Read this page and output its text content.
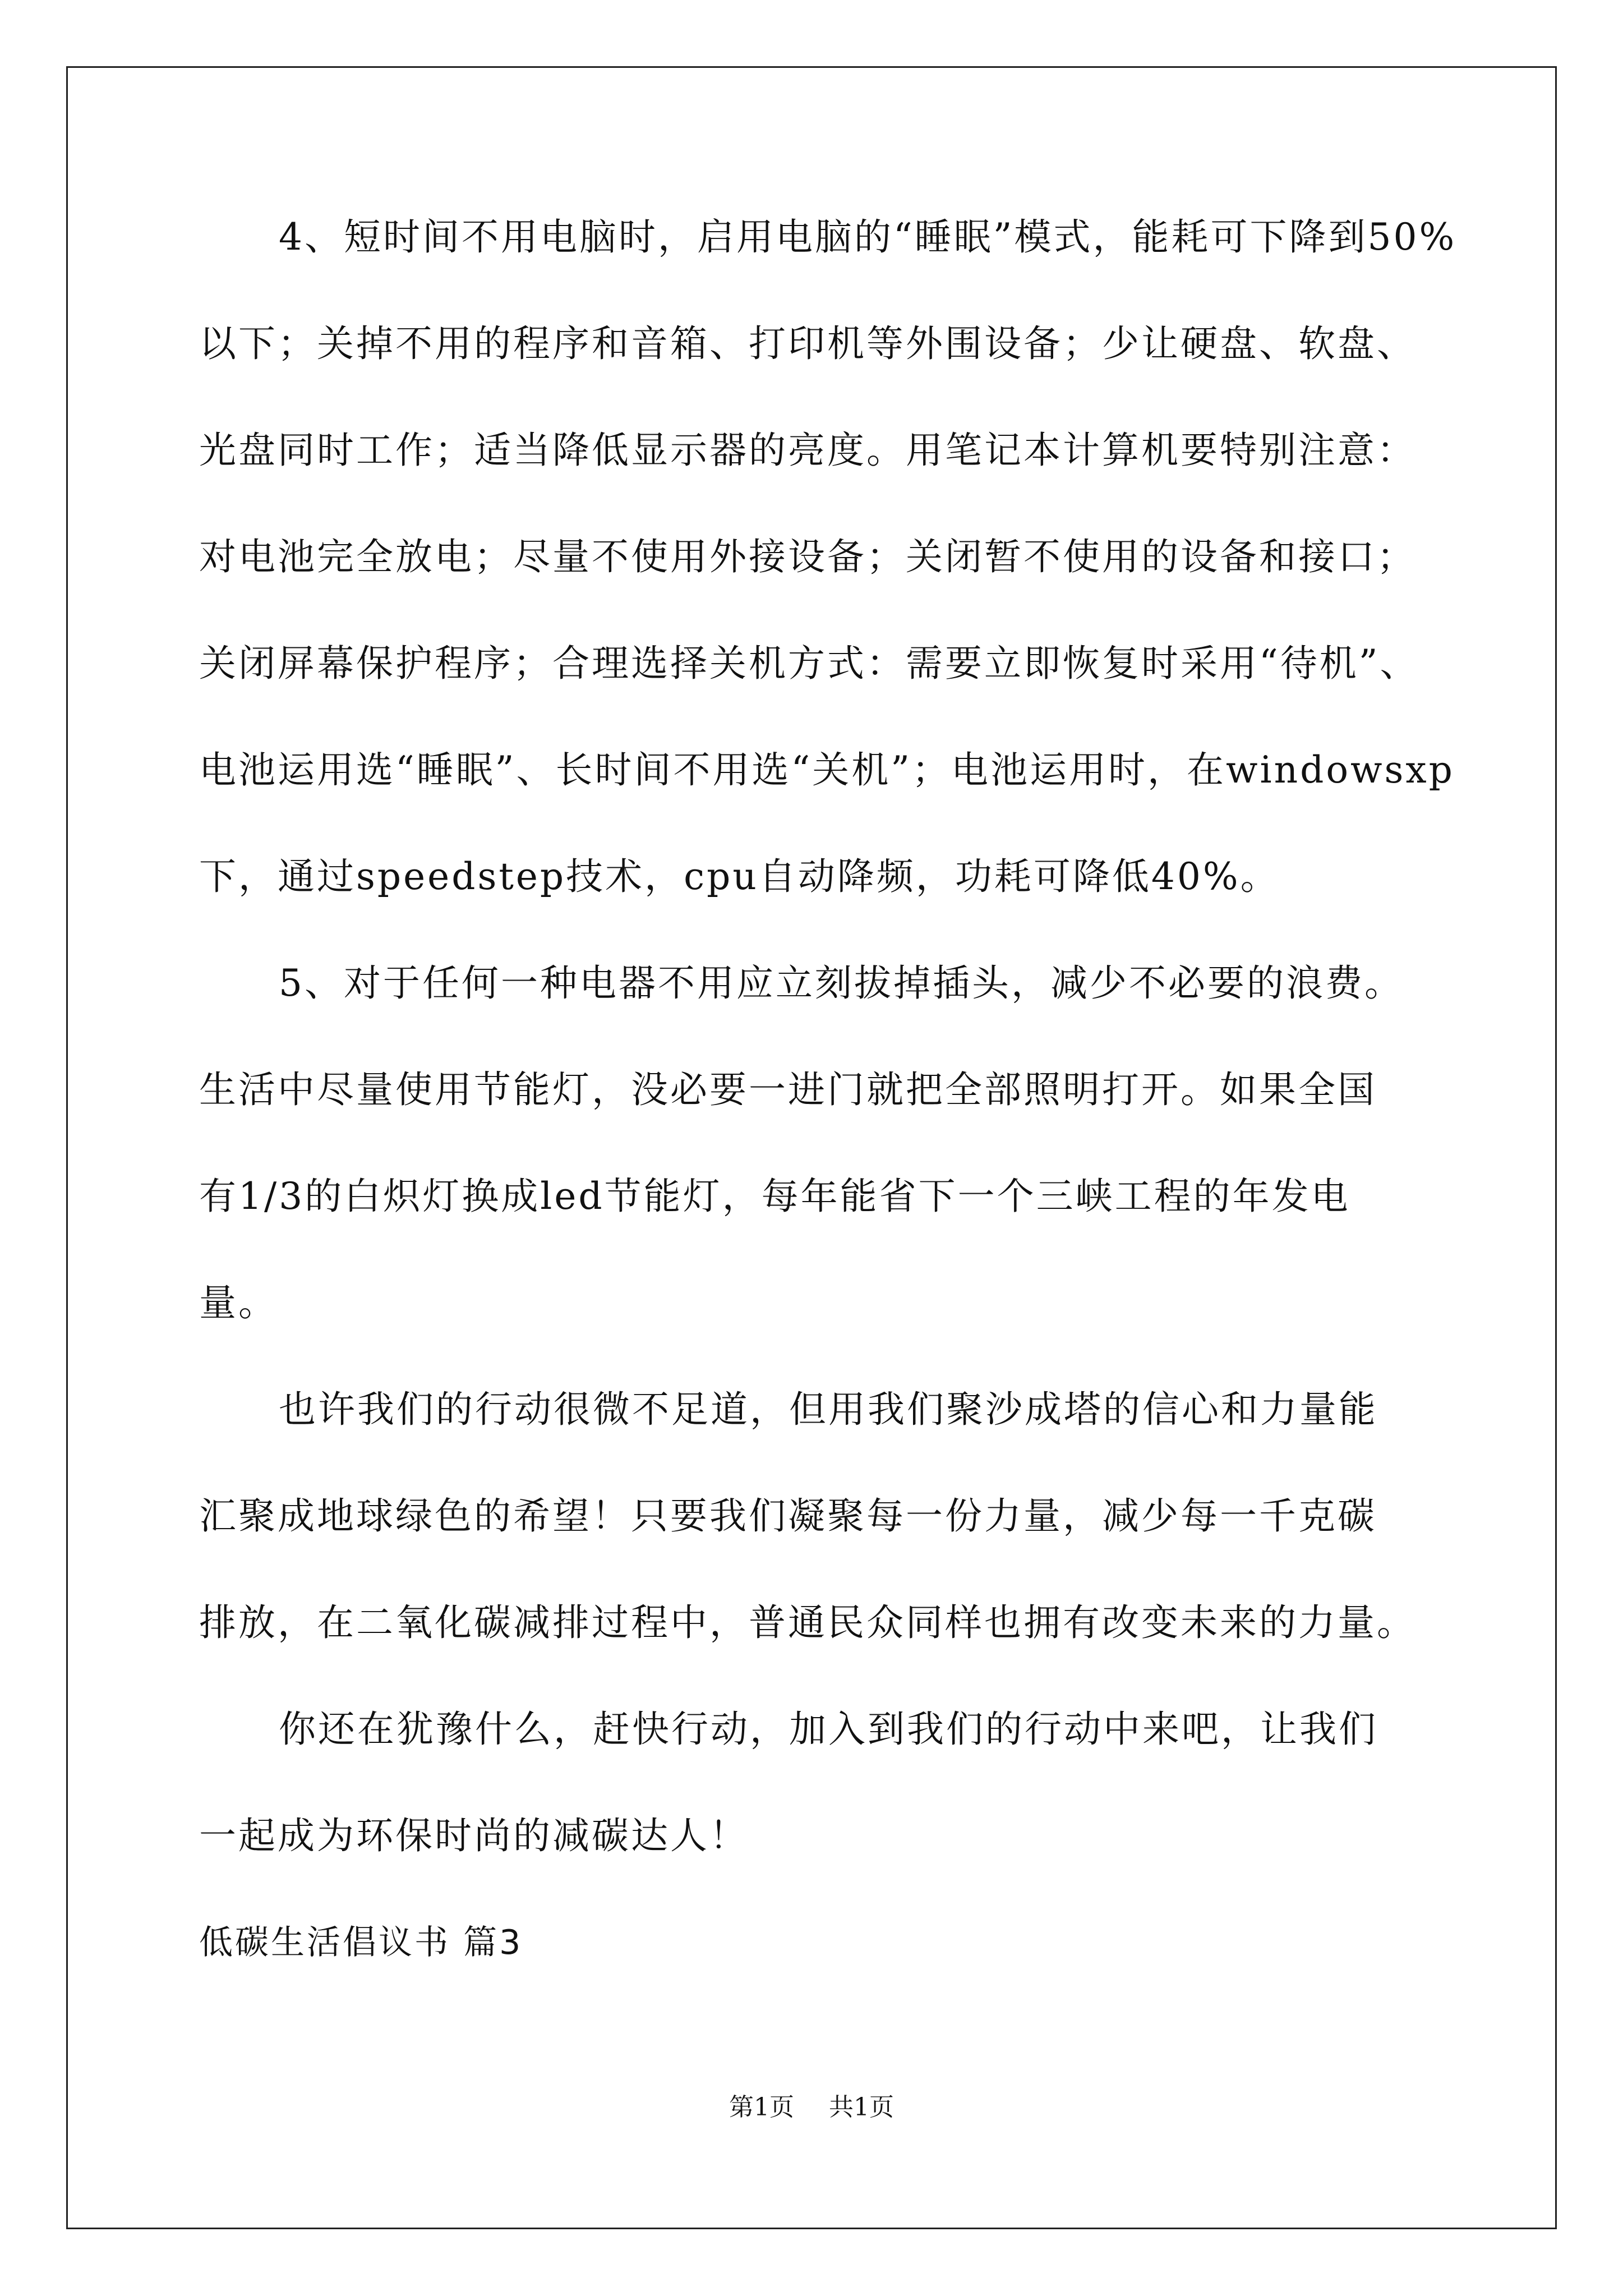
4、短时间不用电脑时，启用电脑的“睡眠”模式，能耗可下降到50%
以下；关掉不用的程序和音箱、打印机等外围设备；少让硬盘、软盘、
光盘同时工作；适当降低显示器的亮度。用笔记本计算机要特别注意：
对电池完全放电；尽量不使用外接设备；关闭暂不使用的设备和接口；
关闭屏幕保护程序；合理选择关机方式：需要立即恢复时采用“待机”、
电池运用选“睡眠”、长时间不用选“关机”；电池运用时，在windowsxp
下，通过speedstep技术，cpu自动降频，功耗可降低40%。
5、对于任何一种电器不用应立刻拔掉插头，减少不必要的浪费。
生活中尽量使用节能灯，没必要一进门就把全部照明打开。如果全国
有1/3的白炽灯换成led节能灯，每年能省下一个三峡工程的年发电
量。
也许我们的行动很微不足道，但用我们聚沙成塔的信心和力量能
汇聚成地球绿色的希望！只要我们凝聚每一份力量，减少每一千克碳
排放，在二氧化碳减排过程中，普通民众同样也拥有改变未来的力量。
你还在犹豫什么，赶快行动，加入到我们的行动中来吧，让我们
一起成为环保时尚的减碳达人！
低碳生活倡议书 篇3
第1页 共1页
